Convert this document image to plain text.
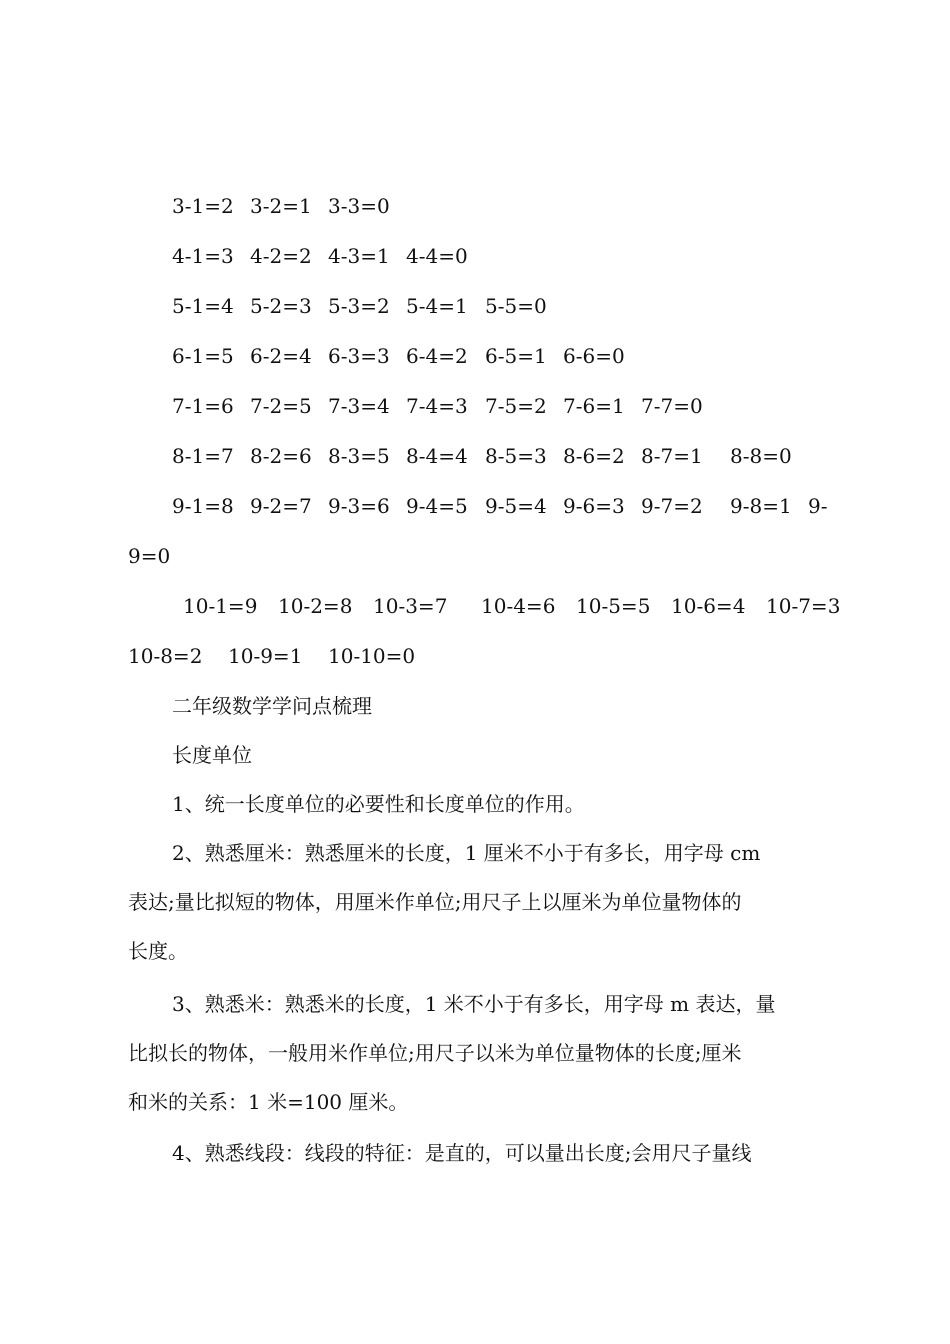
3-1=2 3-2=1 3-3=0
4-1=3 4-2=2 4-3=1 4-4=0
5-1=4 5-2=3 5-3=2 5-4=1 5-5=0
6-1=5 6-2=4 6-3=3 6-4=2 6-5=1 6-6=0
7-1=6 7-2=5 7-3=4 7-4=3 7-5=2 7-6=1 7-7=0
8-1=7 8-2=6 8-3=5 8-4=4 8-5=3 8-6=2 8-7=1 8-8=0
9-1=8 9-2=7 9-3=6 9-4=5 9-5=4 9-6=3 9-7=2 9-8=1 9-
9=0
10-1=9 10-2=8 10-3=7 10-4=6 10-5=5 10-6=4 10-7=3
10-8=2 10-9=1 10-10=0
二年级数学学问点梳理
长度单位
1、统一长度单位的必要性和长度单位的作用。
2、熟悉厘米：熟悉厘米的长度，1 厘米不小于有多长，用字母 cm
表达;量比拟短的物体，用厘米作单位;用尺子上以厘米为单位量物体的
长度。
3、熟悉米：熟悉米的长度，1 米不小于有多长，用字母 m 表达，量
比拟长的物体，一般用米作单位;用尺子以米为单位量物体的长度;厘米
和米的关系：1 米=100 厘米。
4、熟悉线段：线段的特征：是直的，可以量出长度;会用尺子量线
